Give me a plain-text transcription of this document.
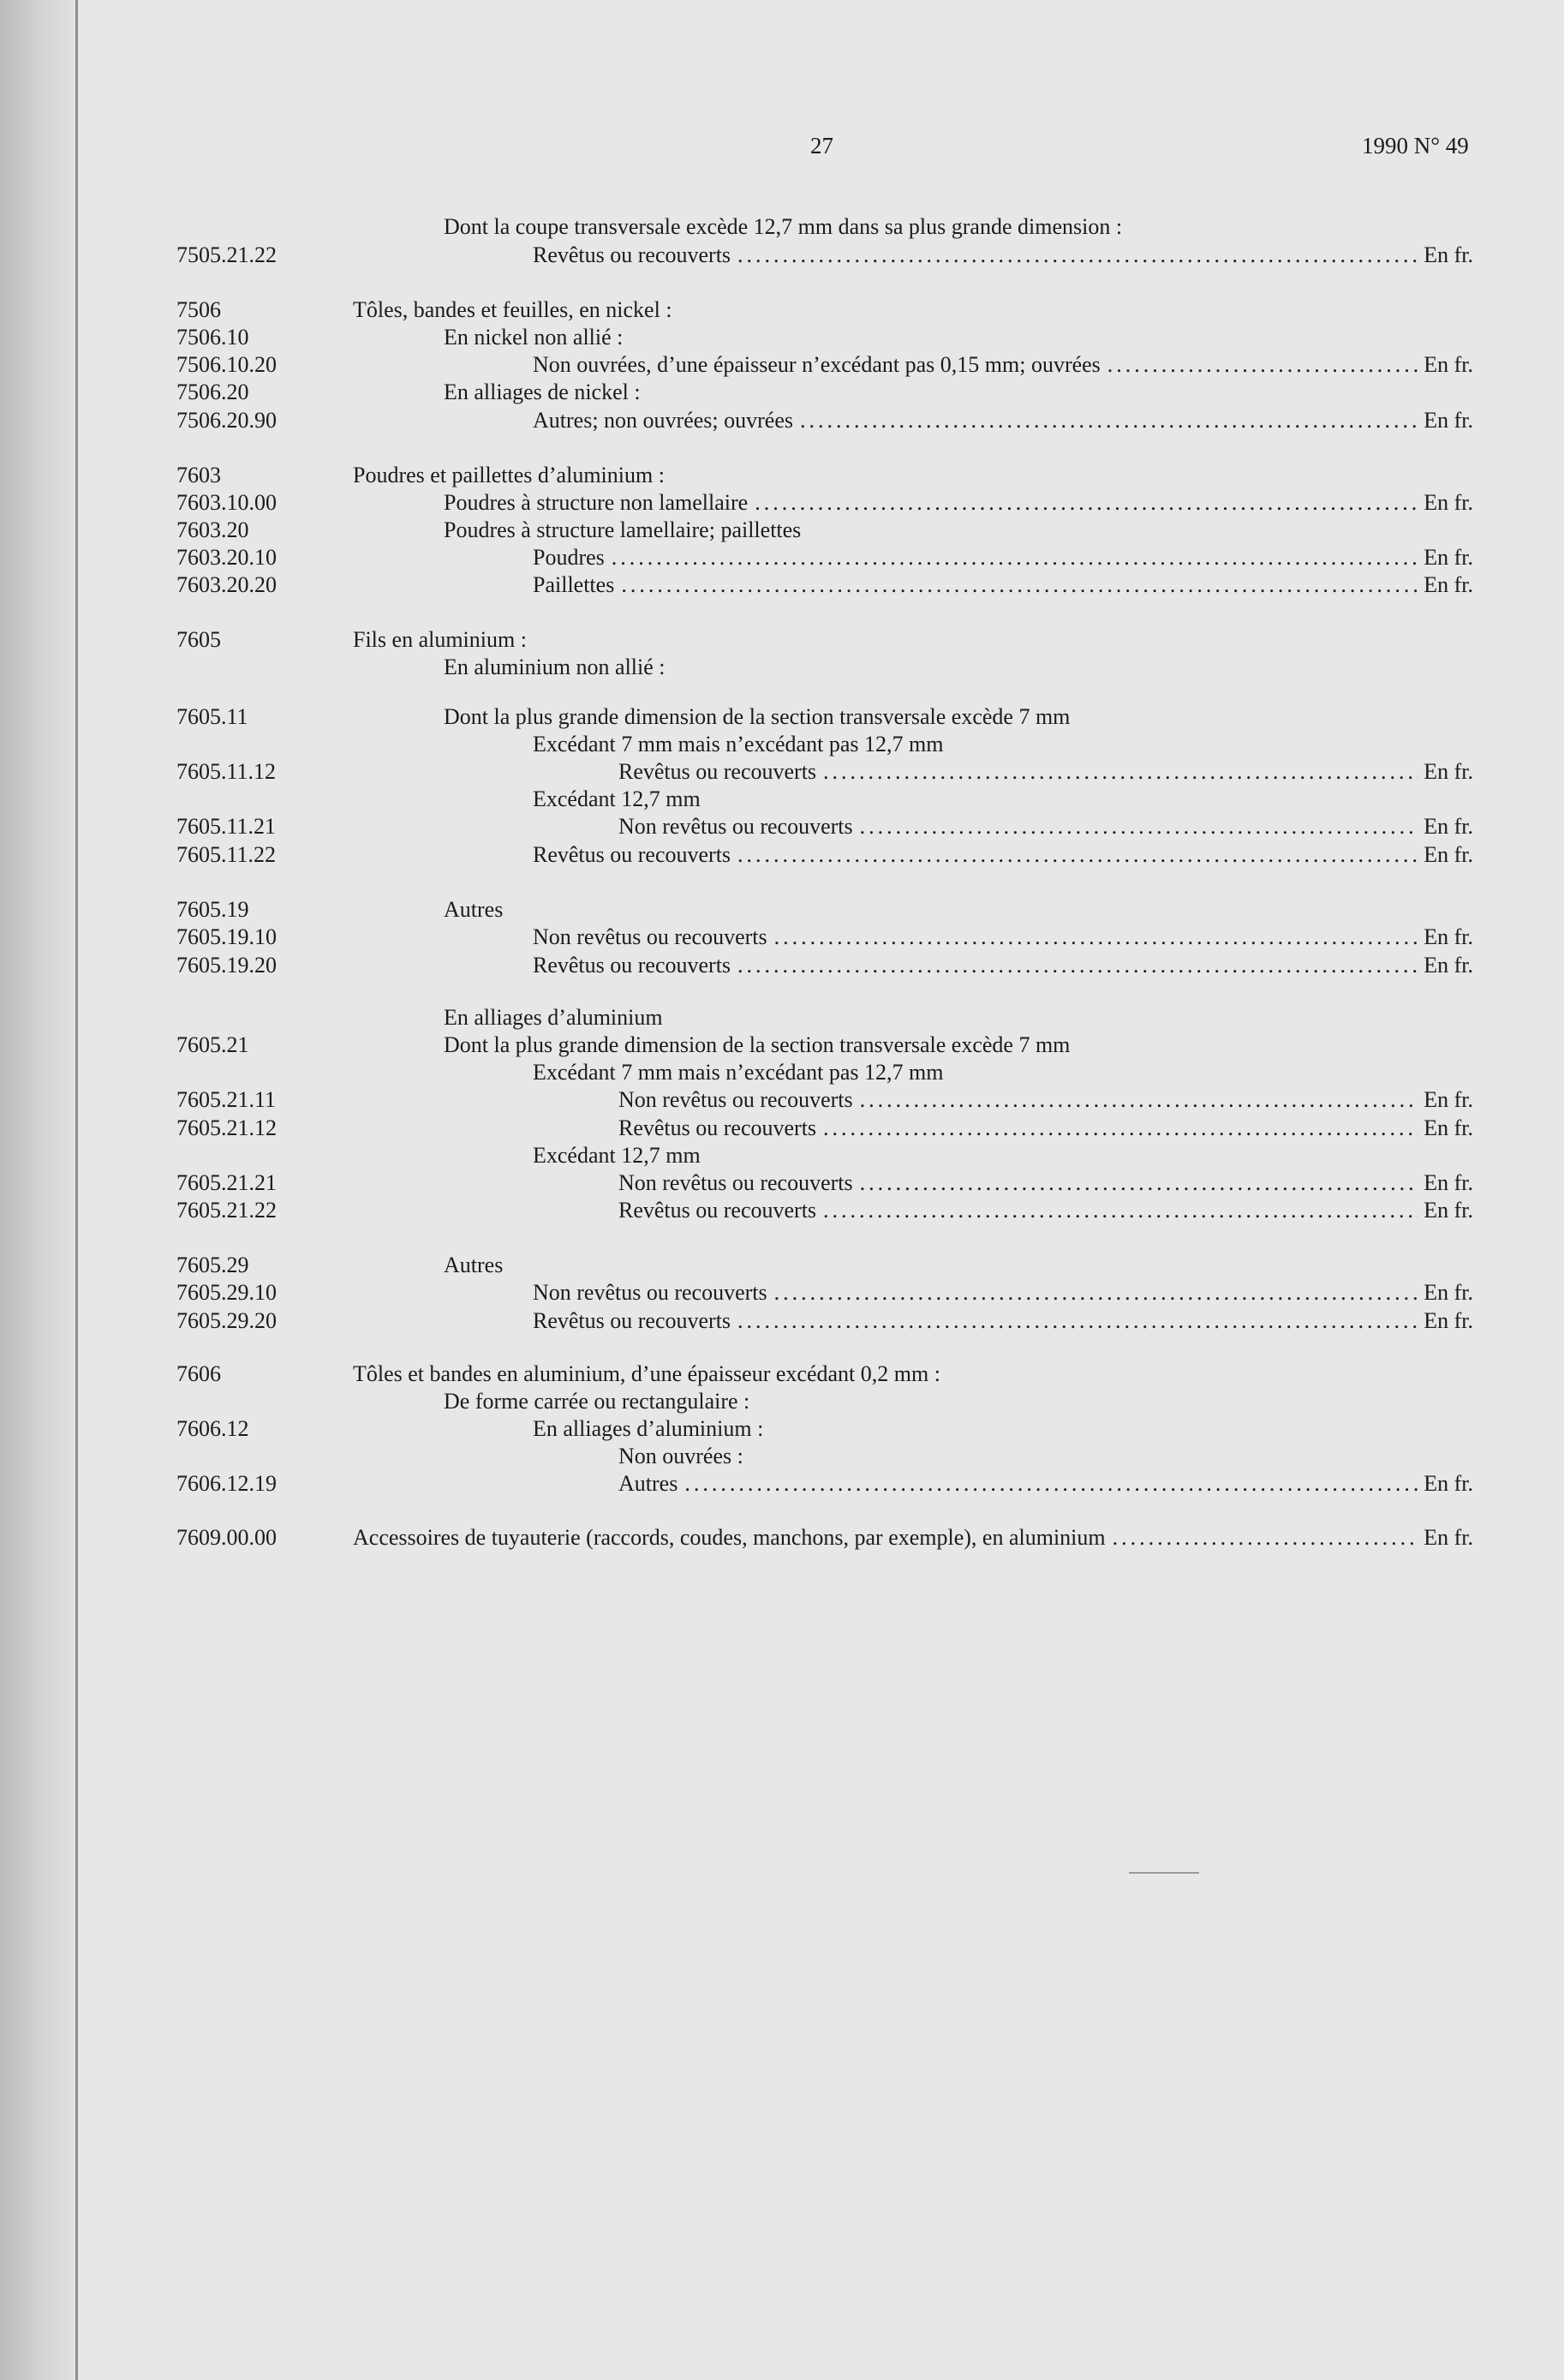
27	1990 N° 49
Dont la coupe transversale excède 12,7 mm dans sa plus grande dimension :
7505.21.22	Revêtus ou recouverts .....	En fr.
7506	Tôles, bandes et feuilles, en nickel :
7506.10	En nickel non allié :
7506.10.20	Non ouvrées, d’une épaisseur n’excédant pas 0,15 mm; ouvrées .....	En fr.
7506.20	En alliages de nickel :
7506.20.90	Autres; non ouvrées; ouvrées .....	En fr.
7603	Poudres et paillettes d’aluminium :
7603.10.00	Poudres à structure non lamellaire .....	En fr.
7603.20	Poudres à structure lamellaire; paillettes
7603.20.10	Poudres .....	En fr.
7603.20.20	Paillettes .....	En fr.
7605	Fils en aluminium :
En aluminium non allié :
7605.11	Dont la plus grande dimension de la section transversale excède 7 mm
Excédant 7 mm mais n’excédant pas 12,7 mm
7605.11.12	Revêtus ou recouverts .....	En fr.
Excédant 12,7 mm
7605.11.21	Non revêtus ou recouverts .....	En fr.
7605.11.22	Revêtus ou recouverts .....	En fr.
7605.19	Autres
7605.19.10	Non revêtus ou recouverts .....	En fr.
7605.19.20	Revêtus ou recouverts .....	En fr.
En alliages d’aluminium
7605.21	Dont la plus grande dimension de la section transversale excède 7 mm
Excédant 7 mm mais n’excédant pas 12,7 mm
7605.21.11	Non revêtus ou recouverts .....	En fr.
7605.21.12	Revêtus ou recouverts .....	En fr.
Excédant 12,7 mm
7605.21.21	Non revêtus ou recouverts .....	En fr.
7605.21.22	Revêtus ou recouverts .....	En fr.
7605.29	Autres
7605.29.10	Non revêtus ou recouverts .....	En fr.
7605.29.20	Revêtus ou recouverts .....	En fr.
7606	Tôles et bandes en aluminium, d’une épaisseur excédant 0,2 mm :
De forme carrée ou rectangulaire :
7606.12	En alliages d’aluminium :
Non ouvrées :
7606.12.19	Autres .....	En fr.
7609.00.00	Accessoires de tuyauterie (raccords, coudes, manchons, par exemple), en aluminium .....	En fr.
